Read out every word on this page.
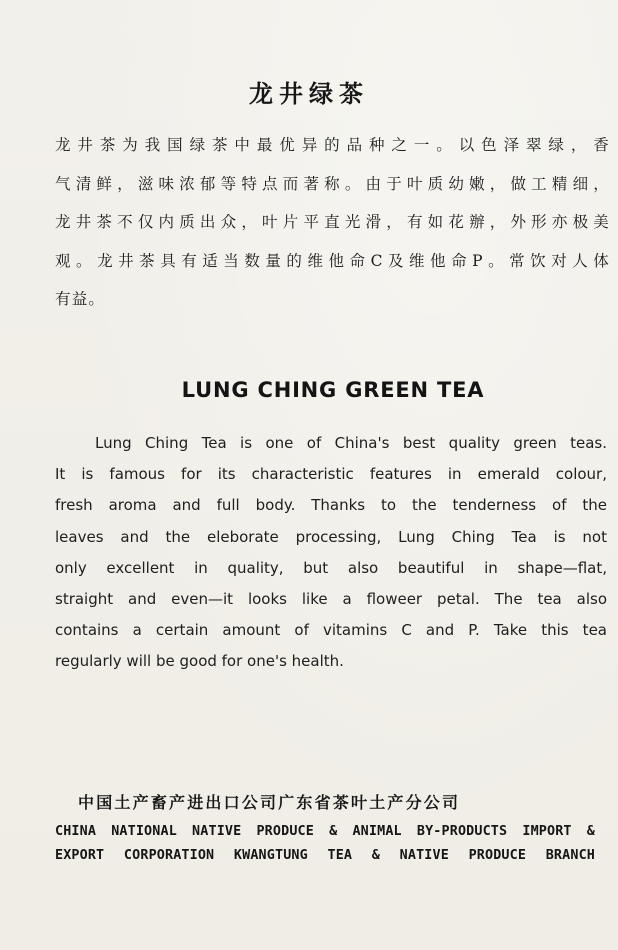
龙井绿茶
龙井茶为我国绿茶中最优异的品种之一。以色泽翠绿，香
气清鲜，滋味浓郁等特点而著称。由于叶质幼嫩，做工精细，
龙井茶不仅内质出众，叶片平直光滑，有如花辦，外形亦极美
观。龙井茶具有适当数量的维他命C及维他命P。常饮对人体
有益。
LUNG CHING GREEN TEA
Lung Ching Tea is one of China's best quality green teas.
It is famous for its characteristic features in emerald colour,
fresh aroma and full body. Thanks to the tenderness of the
leaves and the eleborate processing, Lung Ching Tea is not
only excellent in quality, but also beautiful in shape—flat,
straight and even—it looks like a floweer petal. The tea also
contains a certain amount of vitamins C and P. Take this tea
regularly will be good for one's health.
中国土产畜产进出口公司广东省茶叶土产分公司
CHINA NATIONAL NATIVE PRODUCE & ANIMAL BY-PRODUCTS IMPORT &
EXPORT CORPORATION KWANGTUNG TEA & NATIVE PRODUCE BRANCH
